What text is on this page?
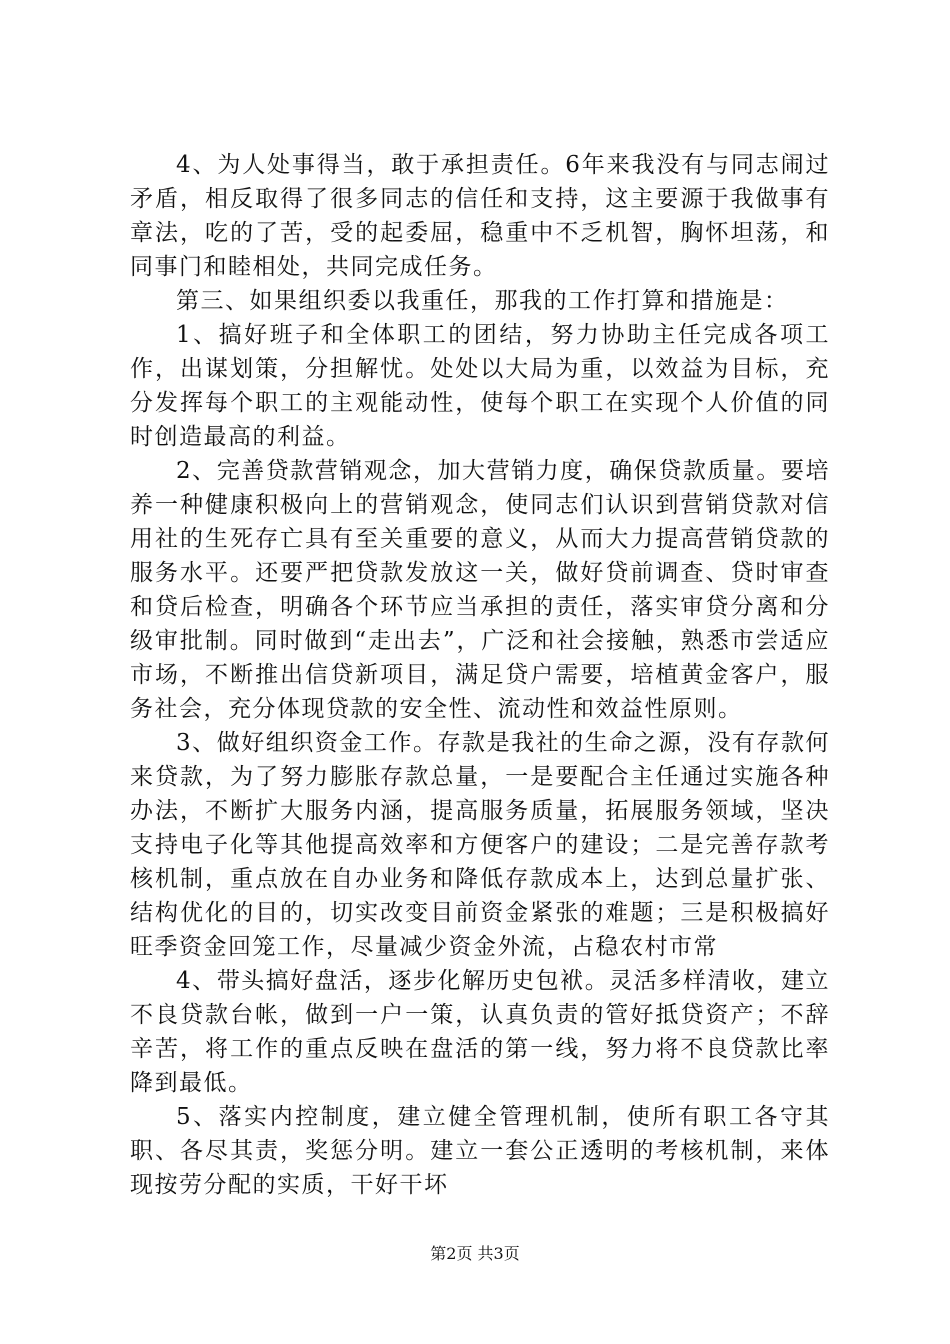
4、为人处事得当，敢于承担责任。6年来我没有与同志闹过矛盾，相反取得了很多同志的信任和支持，这主要源于我做事有章法，吃的了苦，受的起委屈，稳重中不乏机智，胸怀坦荡，和同事门和睦相处，共同完成任务。

第三、如果组织委以我重任，那我的工作打算和措施是：

1、搞好班子和全体职工的团结，努力协助主任完成各项工作，出谋划策，分担解忧。处处以大局为重，以效益为目标，充分发挥每个职工的主观能动性，使每个职工在实现个人价值的同时创造最高的利益。

2、完善贷款营销观念，加大营销力度，确保贷款质量。要培养一种健康积极向上的营销观念，使同志们认识到营销贷款对信用社的生死存亡具有至关重要的意义，从而大力提高营销贷款的服务水平。还要严把贷款发放这一关，做好贷前调查、贷时审查和贷后检查，明确各个环节应当承担的责任，落实审贷分离和分级审批制。同时做到“走出去”，广泛和社会接触，熟悉市尝适应市场，不断推出信贷新项目，满足贷户需要，培植黄金客户，服务社会，充分体现贷款的安全性、流动性和效益性原则。

3、做好组织资金工作。存款是我社的生命之源，没有存款何来贷款，为了努力膨胀存款总量，一是要配合主任通过实施各种办法，不断扩大服务内涵，提高服务质量，拓展服务领域，坚决支持电子化等其他提高效率和方便客户的建设；二是完善存款考核机制，重点放在自办业务和降低存款成本上，达到总量扩张、结构优化的目的，切实改变目前资金紧张的难题；三是积极搞好旺季资金回笼工作，尽量减少资金外流，占稳农村市常

4、带头搞好盘活，逐步化解历史包袱。灵活多样清收，建立不良贷款台帐，做到一户一策，认真负责的管好抵贷资产；不辞辛苦，将工作的重点反映在盘活的第一线，努力将不良贷款比率降到最低。

5、落实内控制度，建立健全管理机制，使所有职工各守其职、各尽其责，奖惩分明。建立一套公正透明的考核机制，来体现按劳分配的实质，干好干坏

第2页 共3页
